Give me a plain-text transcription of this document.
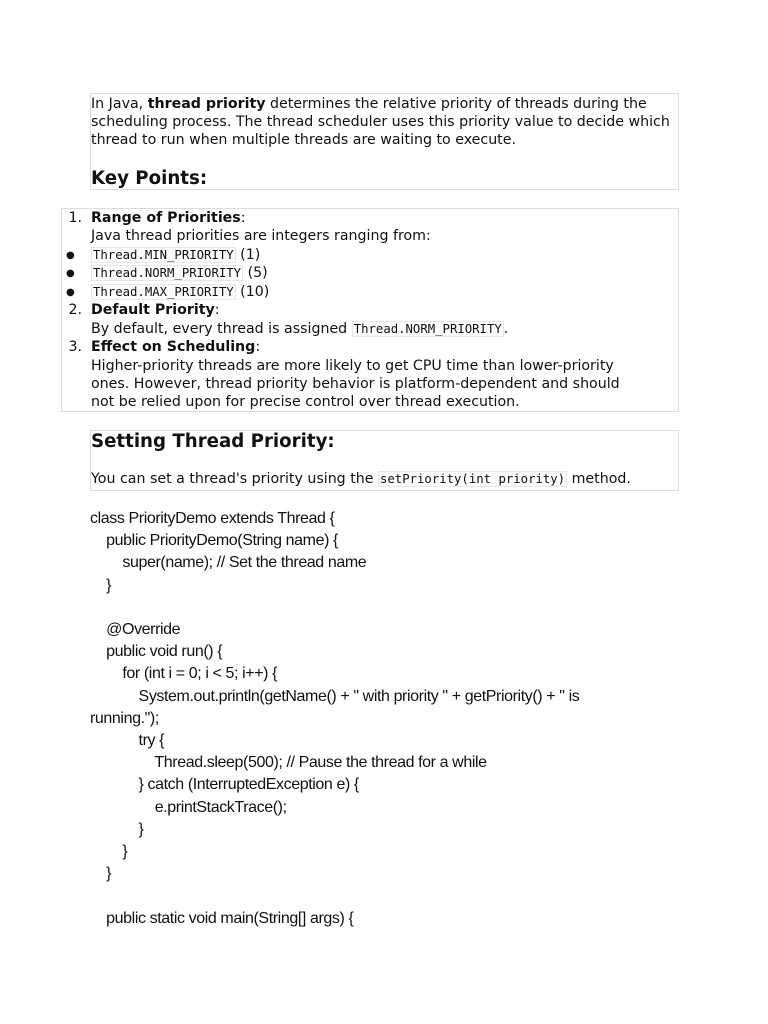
In Java, thread priority determines the relative priority of threads during the scheduling process. The thread scheduler uses this priority value to decide which thread to run when multiple threads are waiting to execute.

Key Points:
1. Range of Priorities:
Java thread priorities are integers ranging from:
● Thread.MIN_PRIORITY (1)
● Thread.NORM_PRIORITY (5)
● Thread.MAX_PRIORITY (10)
2. Default Priority:
By default, every thread is assigned Thread.NORM_PRIORITY .
3. Effect on Scheduling:
Higher-priority threads are more likely to get CPU time than lower-priority
ones. However, thread priority behavior is platform-dependent and should
not be relied upon for precise control over thread execution.
Setting Thread Priority:
You can set a thread's priority using the setPriority(int priority) method.
class PriorityDemo extends Thread {
public PriorityDemo(String name) {
super(name); // Set the thread name
}
@Override
public void run() {
for (int i = 0; i < 5; i++) {
System.out.println(getName() + " with priority " + getPriority() + " is
running.");
try {
Thread.sleep(500); // Pause the thread for a while
} catch (InterruptedException e) {
e.printStackTrace();
}
}
}
public static void main(String[] args) {
